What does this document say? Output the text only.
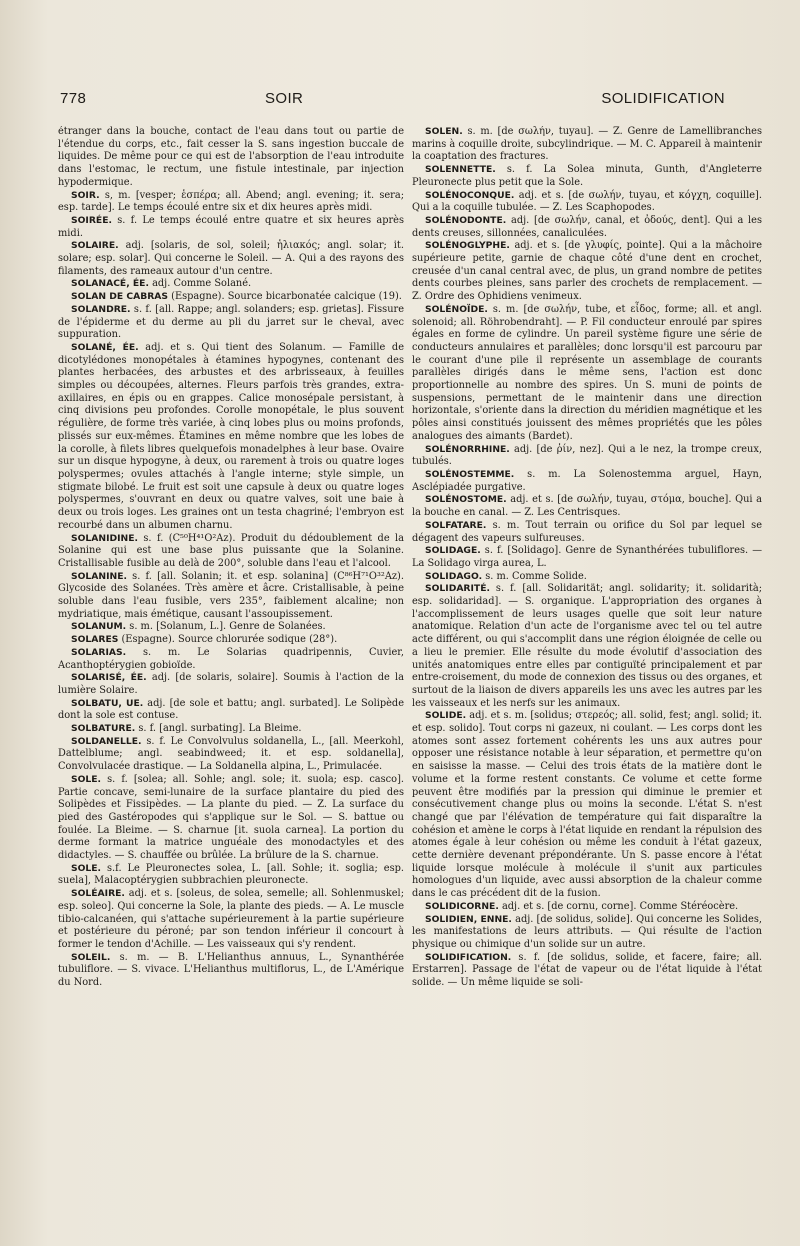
778	SOIR	SOLIDIFICATION

étranger dans la bouche, contact de l'eau dans tout ou partie de l'étendue du corps, etc., fait cesser la S. sans ingestion buccale de liquides. De même pour ce qui est de l'absorption de l'eau introduite dans l'estomac, le rectum, une fistule intestinale, par injection hypodermique.

SOIR. s, m. [vesper; ἑσπέρα; all. Abend; angl. evening; it. sera; esp. tarde]. Le temps écoulé entre six et dix heures après midi.

SOIRÉE. s. f. Le temps écoulé entre quatre et six heures après midi.

SOLAIRE. adj. [solaris, de sol, soleil; ἡλιακός; angl. solar; it. solare; esp. solar]. Qui concerne le Soleil. — A. Qui a des rayons des filaments, des rameaux autour d'un centre.

SOLANACÉ, ÉE. adj. Comme Solané.

SOLAN DE CABRAS (Espagne). Source bicarbonatée calcique (19).

SOLANDRE. s. f. [all. Rappe; angl. solanders; esp. grietas]. Fissure de l'épiderme et du derme au pli du jarret sur le cheval, avec suppuration.

SOLANÉ, ÉE. adj. et s. Qui tient des Solanum. — Famille de dicotylédones monopétales à étamines hypogynes, contenant des plantes herbacées, des arbustes et des arbrisseaux, à feuilles simples ou découpées, alternes. Fleurs parfois très grandes, extra-axillaires, en épis ou en grappes. Calice monosépale persistant, à cinq divisions peu profondes. Corolle monopétale, le plus souvent régulière, de forme très variée, à cinq lobes plus ou moins profonds, plissés sur eux-mêmes. Étamines en même nombre que les lobes de la corolle, à filets libres quelquefois monadelphes à leur base. Ovaire sur un disque hypogyne, à deux, ou rarement à trois ou quatre loges polyspermes; ovules attachés à l'angle interne; style simple, un stigmate bilobé. Le fruit est soit une capsule à deux ou quatre loges polyspermes, s'ouvrant en deux ou quatre valves, soit une baie à deux ou trois loges. Les graines ont un testa chagriné; l'embryon est recourbé dans un albumen charnu.

SOLANIDINE. s. f. (C⁵⁰H⁴¹O²Az). Produit du dédoublement de la Solanine qui est une base plus puissante que la Solanine. Cristallisable fusible au delà de 200°, soluble dans l'eau et l'alcool.

SOLANINE. s. f. [all. Solanin; it. et esp. solanina] (C⁸⁶H⁷¹O³²Az). Glycoside des Solanées. Très amère et âcre. Cristallisable, à peine soluble dans l'eau fusible, vers 235°, faiblement alcaline; non mydriatique, mais émétique, causant l'assoupissement.

SOLANUM. s. m. [Solanum, L.]. Genre de Solanées.

SOLARES (Espagne). Source chlorurée sodique (28°).

SOLARIAS. s. m. Le Solarias quadripennis, Cuvier, Acanthoptérygien gobioïde.

SOLARISÉ, ÉE. adj. [de solaris, solaire]. Soumis à l'action de la lumière Solaire.

SOLBATU, UE. adj. [de sole et battu; angl. surbated]. Le Solipède dont la sole est contuse.

SOLBATURE. s. f. [angl. surbating]. La Bleime.

SOLDANELLE. s. f. Le Convolvulus soldanella, L., [all. Meerkohl, Dattelblume; angl. seabindweed; it. et esp. soldanella], Convolvulacée drastique. — La Soldanella alpina, L., Primulacée.

SOLE. s. f. [solea; all. Sohle; angl. sole; it. suola; esp. casco]. Partie concave, semi-lunaire de la surface plantaire du pied des Solipèdes et Fissipèdes. — La plante du pied. — Z. La surface du pied des Gastéropodes qui s'applique sur le Sol. — S. battue ou foulée. La Bleime. — S. charnue [it. suola carnea]. La portion du derme formant la matrice unguéale des monodactyles et des didactyles. — S. chauffée ou brûlée. La brûlure de la S. charnue.

SOLE. s.f. Le Pleuronectes solea, L. [all. Sohle; it. soglia; esp. suela], Malacoptérygien subbrachien pleuronecte.

SOLÉAIRE. adj. et s. [soleus, de solea, semelle; all. Sohlenmuskel; esp. soleo]. Qui concerne la Sole, la plante des pieds. — A. Le muscle tibio-calcanéen, qui s'attache supérieurement à la partie supérieure et postérieure du péroné; par son tendon inférieur il concourt à former le tendon d'Achille. — Les vaisseaux qui s'y rendent.

SOLEIL. s. m. — B. L'Helianthus annuus, L., Synanthérée tubuliflore. — S. vivace. L'Helianthus multiflorus, L., de L'Amérique du Nord.

SOLEN. s. m. [de σωλήν, tuyau]. — Z. Genre de Lamellibranches marins à coquille droite, subcylindrique. — M. C. Appareil à maintenir la coaptation des fractures.

SOLENNETTE. s. f. La Solea minuta, Gunth, d'Angleterre Pleuronecte plus petit que la Sole.

SOLÉNOCONQUE. adj. et s. [de σωλήν, tuyau, et κόγχη, coquille]. Qui a la coquille tubulée. — Z. Les Scaphopodes.

SOLÉNODONTE. adj. [de σωλήν, canal, et ὀδούς, dent]. Qui a les dents creuses, sillonnées, canaliculées.

SOLÉNOGLYPHE. adj. et s. [de γλυφίς, pointe]. Qui a la mâchoire supérieure petite, garnie de chaque côté d'une dent en crochet, creusée d'un canal central avec, de plus, un grand nombre de petites dents courbes pleines, sans parler des crochets de remplacement. — Z. Ordre des Ophidiens venimeux.

SOLÉNOÏDE. s. m. [de σωλήν, tube, et εἶδος, forme; all. et angl. solenoid; all. Röhrobendraht]. — P. Fil conducteur enroulé par spires égales en forme de cylindre. Un pareil système figure une série de conducteurs annulaires et parallèles; donc lorsqu'il est parcouru par le courant d'une pile il représente un assemblage de courants parallèles dirigés dans le même sens, l'action est donc proportionnelle au nombre des spires. Un S. muni de points de suspensions, permettant de le maintenir dans une direction horizontale, s'oriente dans la direction du méridien magnétique et les pôles ainsi constitués jouissent des mêmes propriétés que les pôles analogues des aimants (Bardet).

SOLÉNORRHINE. adj. [de ῥίν, nez]. Qui a le nez, la trompe creux, tubulés.

SOLÉNOSTEMME. s. m. La Solenostemma arguel, Hayn, Asclépiadée purgative.

SOLÉNOSTOME. adj. et s. [de σωλήν, tuyau, στόμα, bouche]. Qui a la bouche en canal. — Z. Les Centrisques.

SOLFATARE. s. m. Tout terrain ou orifice du Sol par lequel se dégagent des vapeurs sulfureuses.

SOLIDAGE. s. f. [Solidago]. Genre de Synanthérées tubuliflores. — La Solidago virga aurea, L.

SOLIDAGO. s. m. Comme Solide.

SOLIDARITÉ. s. f. [all. Solidarität; angl. solidarity; it. solidarità; esp. solidaridad]. — S. organique. L'appropriation des organes à l'accomplissement de leurs usages quelle que soit leur nature anatomique. Relation d'un acte de l'organisme avec tel ou tel autre acte différent, ou qui s'accomplit dans une région éloignée de celle ou a lieu le premier. Elle résulte du mode évolutif d'association des unités anatomiques entre elles par contiguïté principalement et par entre-croisement, du mode de connexion des tissus ou des organes, et surtout de la liaison de divers appareils les uns avec les autres par les les vaisseaux et les nerfs sur les animaux.

SOLIDE. adj. et s. m. [solidus; στερεός; all. solid, fest; angl. solid; it. et esp. solido]. Tout corps ni gazeux, ni coulant. — Les corps dont les atomes sont assez fortement cohérents les uns aux autres pour opposer une résistance notable à leur séparation, et permettre qu'on en saisisse la masse. — Celui des trois états de la matière dont le volume et la forme restent constants. Ce volume et cette forme peuvent être modifiés par la pression qui diminue le premier et consécutivement change plus ou moins la seconde. L'état S. n'est changé que par l'élévation de température qui fait disparaître la cohésion et amène le corps à l'état liquide en rendant la répulsion des atomes égale à leur cohésion ou même les conduit à l'état gazeux, cette dernière devenant prépondérante. Un S. passe encore à l'état liquide lorsque molécule à molécule il s'unit aux particules homologues d'un liquide, avec aussi absorption de la chaleur comme dans le cas précédent dit de la fusion.

SOLIDICORNE. adj. et s. [de cornu, corne]. Comme Stéréocère.

SOLIDIEN, ENNE. adj. [de solidus, solide]. Qui concerne les Solides, les manifestations de leurs attributs. — Qui résulte de l'action physique ou chimique d'un solide sur un autre.

SOLIDIFICATION. s. f. [de solidus, solide, et facere, faire; all. Erstarren]. Passage de l'état de vapeur ou de l'état liquide à l'état solide. — Un même liquide se soli-
